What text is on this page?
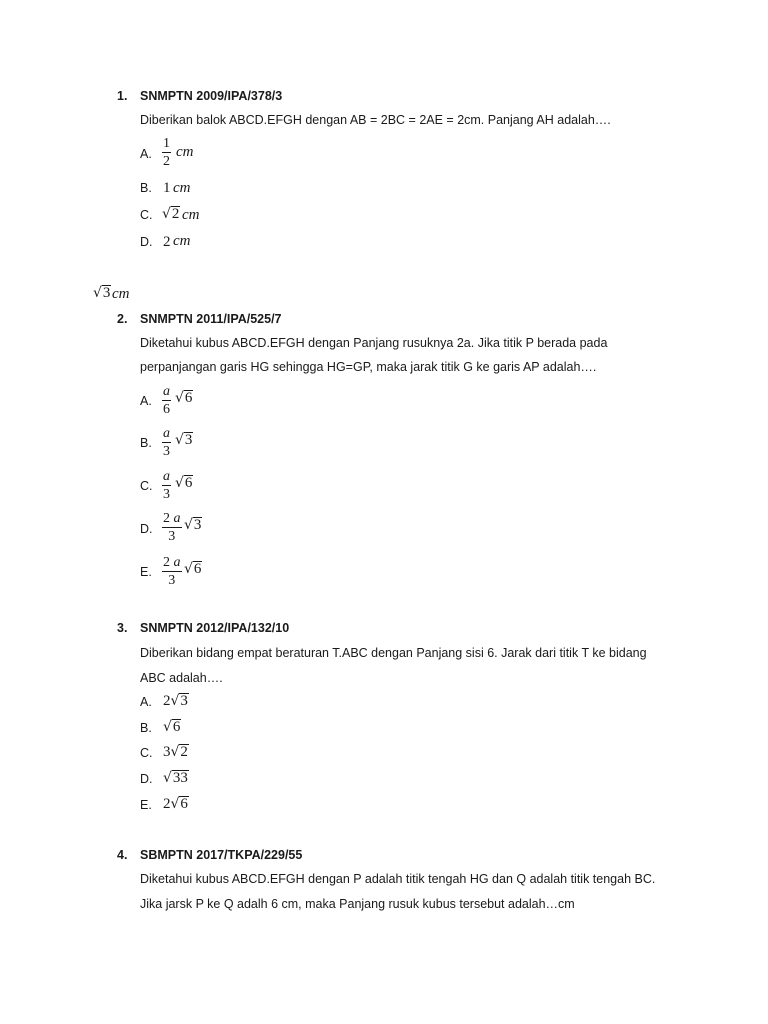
1. SNMPTN 2009/IPA/378/3
Diberikan balok ABCD.EFGH dengan AB = 2BC = 2AE = 2cm. Panjang AH adalah….
A.
1
2
cm
B. 1 cm
C. √2 cm
D. 2 cm
√3 cm
2. SNMPTN 2011/IPA/525/7
Diketahui kubus ABCD.EFGH dengan Panjang rusuknya 2a. Jika titik P berada pada
perpanjangan garis HG sehingga HG=GP, maka jarak titik G ke garis AP adalah….
A.
a
6
√6
B.
a
3
√3
C.
a
3
√6
D.
2 a
3
√3
E.
2 a
3
√6
3. SNMPTN 2012/IPA/132/10
Diberikan bidang empat beraturan T.ABC dengan Panjang sisi 6. Jarak dari titik T ke bidang
ABC adalah….
A. 2√3
B. √6
C. 3√2
D. √33
E. 2√6
4. SBMPTN 2017/TKPA/229/55
Diketahui kubus ABCD.EFGH dengan P adalah titik tengah HG dan Q adalah titik tengah BC.
Jika jarsk P ke Q adalh 6 cm, maka Panjang rusuk kubus tersebut adalah…cm
